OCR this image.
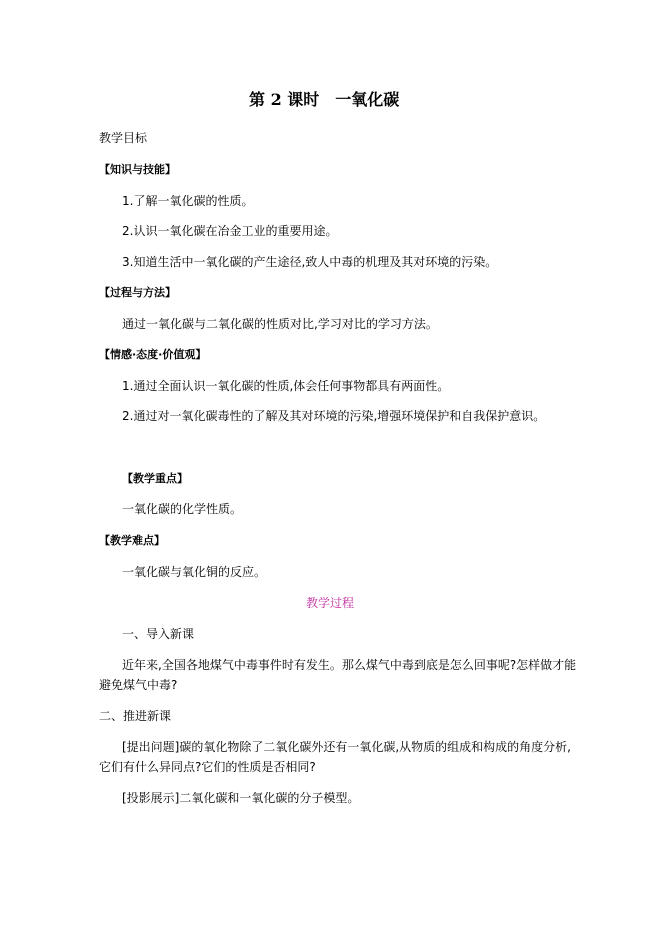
第 2 课时　一氧化碳
教学目标
【知识与技能】
1.了解一氧化碳的性质。
2.认识一氧化碳在冶金工业的重要用途。
3.知道生活中一氧化碳的产生途径,致人中毒的机理及其对环境的污染。
【过程与方法】
通过一氧化碳与二氧化碳的性质对比,学习对比的学习方法。
【情感·态度·价值观】
1.通过全面认识一氧化碳的性质,体会任何事物都具有两面性。
2.通过对一氧化碳毒性的了解及其对环境的污染,增强环境保护和自我保护意识。
【教学重点】
一氧化碳的化学性质。
【教学难点】
一氧化碳与氧化铜的反应。
教学过程
一、导入新课
近年来,全国各地煤气中毒事件时有发生。那么煤气中毒到底是怎么回事呢?怎样做才能
避免煤气中毒?
二、推进新课
[提出问题]碳的氧化物除了二氧化碳外还有一氧化碳,从物质的组成和构成的角度分析,
它们有什么异同点?它们的性质是否相同?
[投影展示]二氧化碳和一氧化碳的分子模型。
